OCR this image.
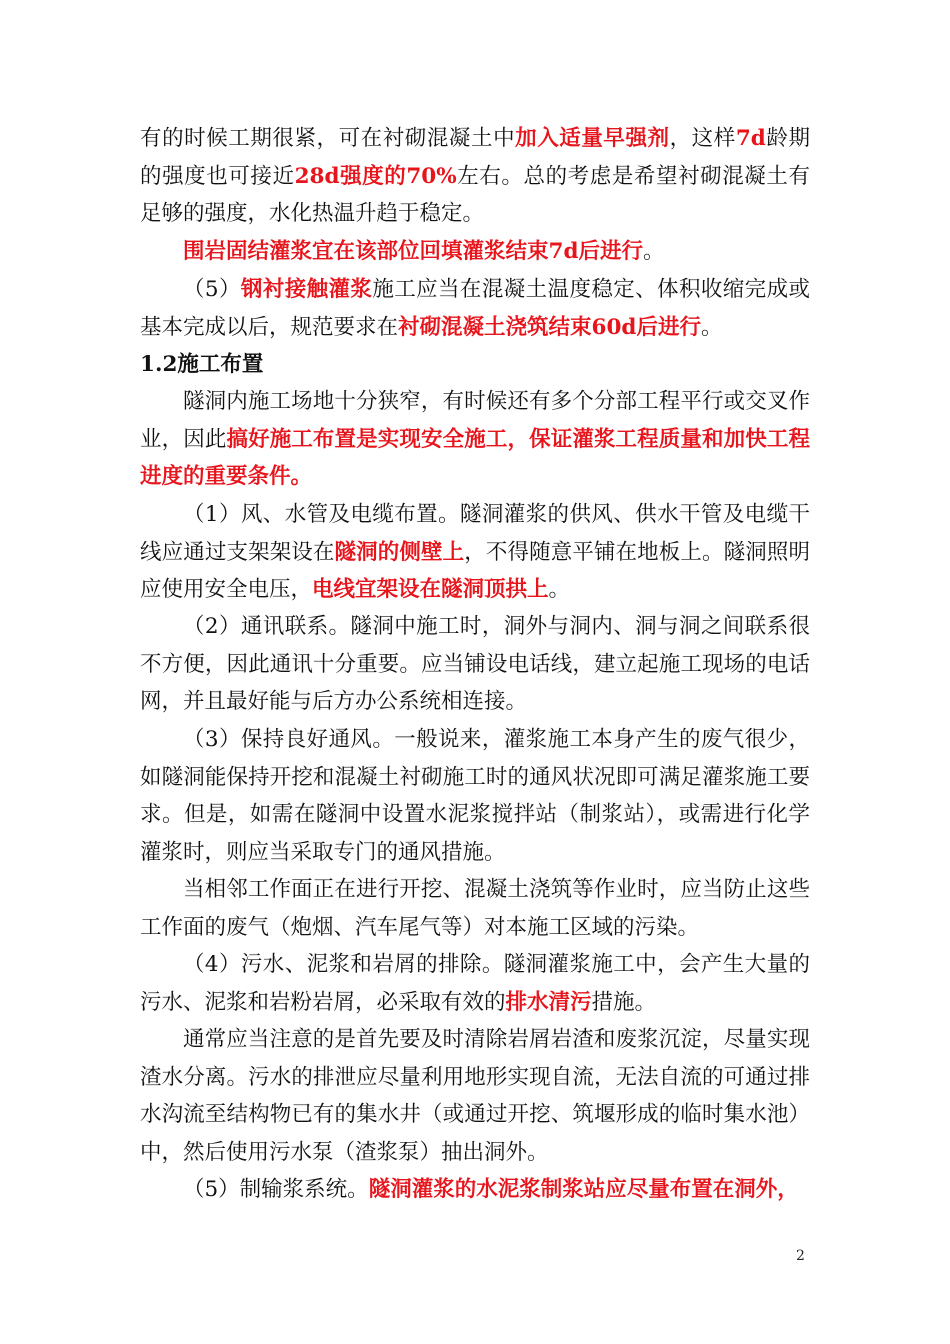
有的时候工期很紧，可在衬砌混凝土中加入适量早强剂，这样7d龄期的强度也可接近28d强度的70%左右。总的考虑是希望衬砌混凝土有足够的强度，水化热温升趋于稳定。

围岩固结灌浆宜在该部位回填灌浆结束7d后进行。

（5）钢衬接触灌浆施工应当在混凝土温度稳定、体积收缩完成或基本完成以后，规范要求在衬砌混凝土浇筑结束60d后进行。

1.2施工布置

隧洞内施工场地十分狭窄，有时候还有多个分部工程平行或交叉作业，因此搞好施工布置是实现安全施工，保证灌浆工程质量和加快工程进度的重要条件。

（1）风、水管及电缆布置。隧洞灌浆的供风、供水干管及电缆干线应通过支架架设在隧洞的侧壁上，不得随意平铺在地板上。隧洞照明应使用安全电压，电线宜架设在隧洞顶拱上。

（2）通讯联系。隧洞中施工时，洞外与洞内、洞与洞之间联系很不方便，因此通讯十分重要。应当铺设电话线，建立起施工现场的电话网，并且最好能与后方办公系统相连接。

（3）保持良好通风。一般说来，灌浆施工本身产生的废气很少，如隧洞能保持开挖和混凝土衬砌施工时的通风状况即可满足灌浆施工要求。但是，如需在隧洞中设置水泥浆搅拌站（制浆站），或需进行化学灌浆时，则应当采取专门的通风措施。

当相邻工作面正在进行开挖、混凝土浇筑等作业时，应当防止这些工作面的废气（炮烟、汽车尾气等）对本施工区域的污染。

（4）污水、泥浆和岩屑的排除。隧洞灌浆施工中，会产生大量的污水、泥浆和岩粉岩屑，必采取有效的排水清污措施。

通常应当注意的是首先要及时清除岩屑岩渣和废浆沉淀，尽量实现渣水分离。污水的排泄应尽量利用地形实现自流，无法自流的可通过排水沟流至结构物已有的集水井（或通过开挖、筑堰形成的临时集水池）中，然后使用污水泵（渣浆泵）抽出洞外。

（5）制输浆系统。隧洞灌浆的水泥浆制浆站应尽量布置在洞外，

2
